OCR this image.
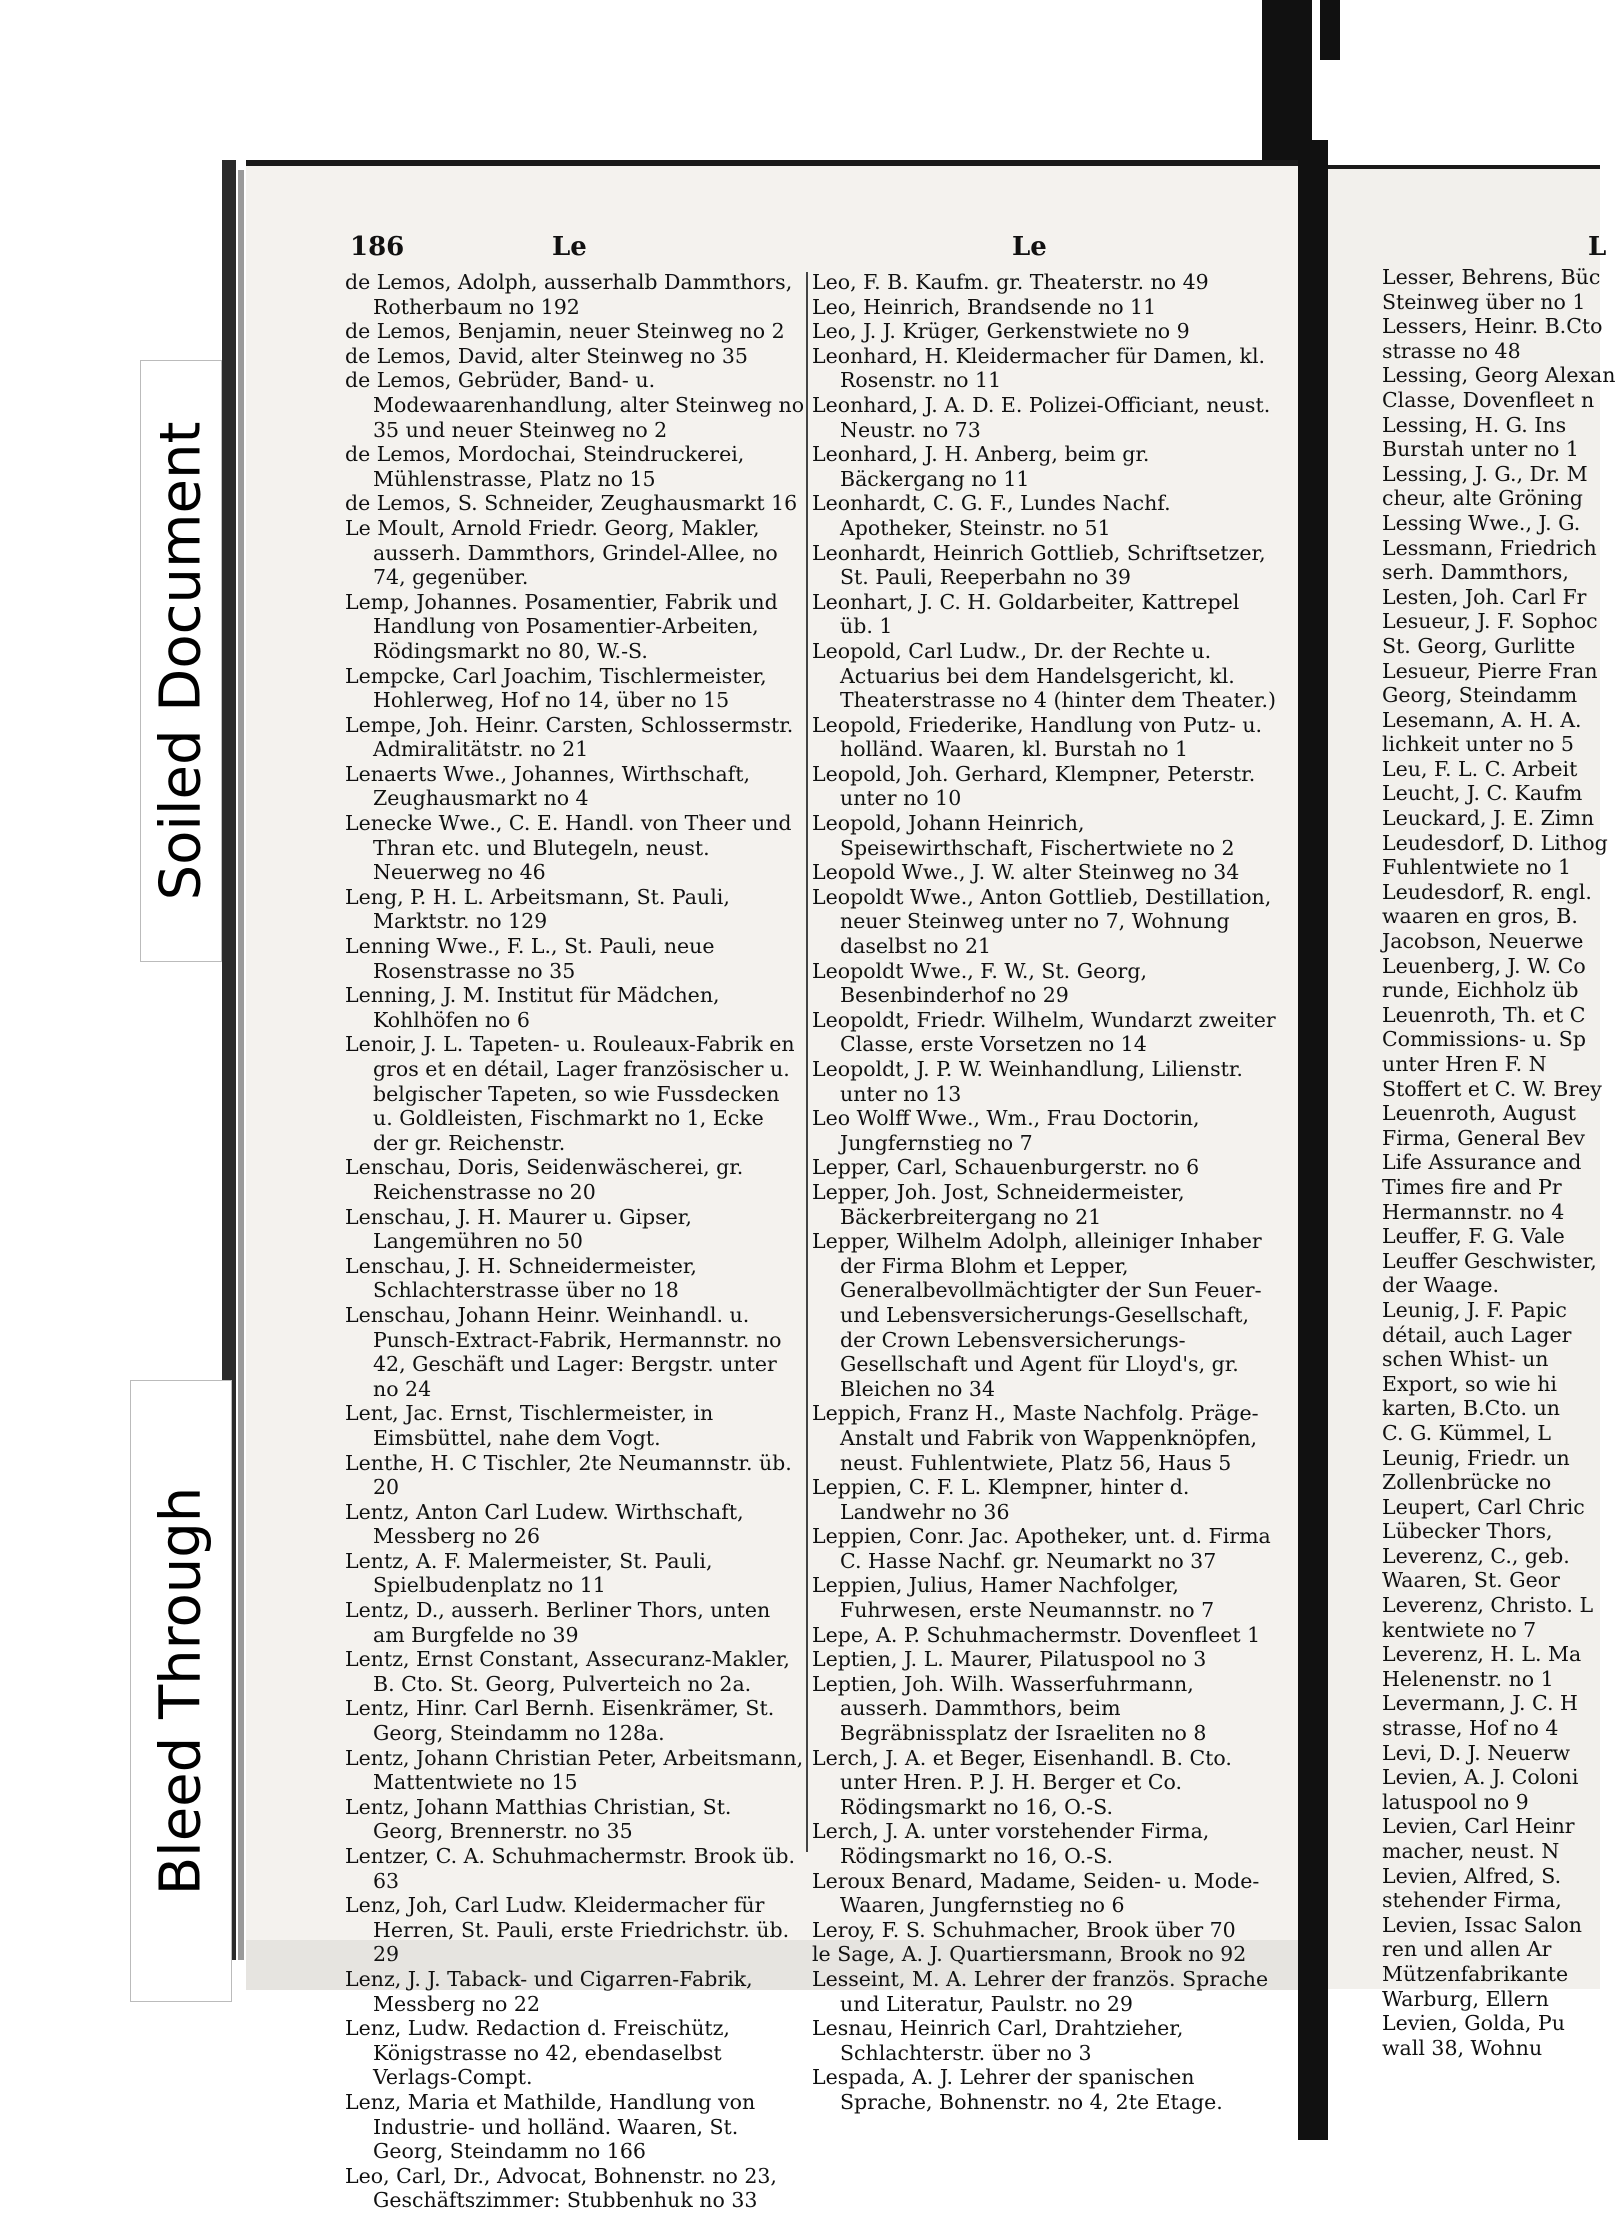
186	Le	Le	L

de Lemos, Adolph, ausserhalb Dammthors, Rotherbaum no 192

de Lemos, Benjamin, neuer Steinweg no 2

de Lemos, David, alter Steinweg no 35

de Lemos, Gebrüder, Band- u. Modewaarenhandlung, alter Steinweg no 35 und neuer Steinweg no 2

de Lemos, Mordochai, Steindruckerei, Mühlenstrasse, Platz no 15

de Lemos, S. Schneider, Zeughausmarkt 16

Le Moult, Arnold Friedr. Georg, Makler, ausserh. Dammthors, Grindel-Allee, no 74, gegenüber.

Lemp, Johannes. Posamentier, Fabrik und Handlung von Posamentier-Arbeiten, Rödingsmarkt no 80, W.-S.

Lempcke, Carl Joachim, Tischlermeister, Hohlerweg, Hof no 14, über no 15

Lempe, Joh. Heinr. Carsten, Schlossermstr. Admiralitätstr. no 21

Lenaerts Wwe., Johannes, Wirthschaft, Zeughausmarkt no 4

Lenecke Wwe., C. E. Handl. von Theer und Thran etc. und Blutegeln, neust. Neuerweg no 46

Leng, P. H. L. Arbeitsmann, St. Pauli, Marktstr. no 129

Lenning Wwe., F. L., St. Pauli, neue Rosenstrasse no 35

Lenning, J. M. Institut für Mädchen, Kohlhöfen no 6

Lenoir, J. L. Tapeten- u. Rouleaux-Fabrik en gros et en détail, Lager französischer u. belgischer Tapeten, so wie Fussdecken u. Goldleisten, Fischmarkt no 1, Ecke der gr. Reichenstr.

Lenschau, Doris, Seidenwäscherei, gr. Reichenstrasse no 20

Lenschau, J. H. Maurer u. Gipser, Langemühren no 50

Lenschau, J. H. Schneidermeister, Schlachterstrasse über no 18

Lenschau, Johann Heinr. Weinhandl. u. Punsch-Extract-Fabrik, Hermannstr. no 42, Geschäft und Lager: Bergstr. unter no 24

Lent, Jac. Ernst, Tischlermeister, in Eimsbüttel, nahe dem Vogt.

Lenthe, H. C Tischler, 2te Neumannstr. üb. 20

Lentz, Anton Carl Ludew. Wirthschaft, Messberg no 26

Lentz, A. F. Malermeister, St. Pauli, Spielbudenplatz no 11

Lentz, D., ausserh. Berliner Thors, unten am Burgfelde no 39

Lentz, Ernst Constant, Assecuranz-Makler, B. Cto. St. Georg, Pulverteich no 2a.

Lentz, Hinr. Carl Bernh. Eisenkrämer, St. Georg, Steindamm no 128a.

Lentz, Johann Christian Peter, Arbeitsmann, Mattentwiete no 15

Lentz, Johann Matthias Christian, St. Georg, Brennerstr. no 35

Lentzer, C. A. Schuhmachermstr. Brook üb. 63

Lenz, Joh, Carl Ludw. Kleidermacher für Herren, St. Pauli, erste Friedrichstr. üb. 29

Lenz, J. J. Taback- und Cigarren-Fabrik, Messberg no 22

Lenz, Ludw. Redaction d. Freischütz, Königstrasse no 42, ebendaselbst Verlags-Compt.

Lenz, Maria et Mathilde, Handlung von Industrie- und holländ. Waaren, St. Georg, Steindamm no 166

Leo, Carl, Dr., Advocat, Bohnenstr. no 23, Geschäftszimmer: Stubbenhuk no 33

Leo, F. B. Kaufm. gr. Theaterstr. no 49

Leo, Heinrich, Brandsende no 11

Leo, J. J. Krüger, Gerkenstwiete no 9

Leonhard, H. Kleidermacher für Damen, kl. Rosenstr. no 11

Leonhard, J. A. D. E. Polizei-Officiant, neust. Neustr. no 73

Leonhard, J. H. Anberg, beim gr. Bäckergang no 11

Leonhardt, C. G. F., Lundes Nachf. Apotheker, Steinstr. no 51

Leonhardt, Heinrich Gottlieb, Schriftsetzer, St. Pauli, Reeperbahn no 39

Leonhart, J. C. H. Goldarbeiter, Kattrepel üb. 1

Leopold, Carl Ludw., Dr. der Rechte u. Actuarius bei dem Handelsgericht, kl. Theaterstrasse no 4 (hinter dem Theater.)

Leopold, Friederike, Handlung von Putz- u. holländ. Waaren, kl. Burstah no 1

Leopold, Joh. Gerhard, Klempner, Peterstr. unter no 10

Leopold, Johann Heinrich, Speisewirthschaft, Fischertwiete no 2

Leopold Wwe., J. W. alter Steinweg no 34

Leopoldt Wwe., Anton Gottlieb, Destillation, neuer Steinweg unter no 7, Wohnung daselbst no 21

Leopoldt Wwe., F. W., St. Georg, Besenbinderhof no 29

Leopoldt, Friedr. Wilhelm, Wundarzt zweiter Classe, erste Vorsetzen no 14

Leopoldt, J. P. W. Weinhandlung, Lilienstr. unter no 13

Leo Wolff Wwe., Wm., Frau Doctorin, Jungfernstieg no 7

Lepper, Carl, Schauenburgerstr. no 6

Lepper, Joh. Jost, Schneidermeister, Bäckerbreitergang no 21

Lepper, Wilhelm Adolph, alleiniger Inhaber der Firma Blohm et Lepper, Generalbevollmächtigter der Sun Feuer- und Lebensversicherungs-Gesellschaft, der Crown Lebensversicherungs-Gesellschaft und Agent für Lloyd's, gr. Bleichen no 34

Leppich, Franz H., Maste Nachfolg. Präge-Anstalt und Fabrik von Wappenknöpfen, neust. Fuhlentwiete, Platz 56, Haus 5

Leppien, C. F. L. Klempner, hinter d. Landwehr no 36

Leppien, Conr. Jac. Apotheker, unt. d. Firma C. Hasse Nachf. gr. Neumarkt no 37

Leppien, Julius, Hamer Nachfolger, Fuhrwesen, erste Neumannstr. no 7

Lepe, A. P. Schuhmachermstr. Dovenfleet 1

Leptien, J. L. Maurer, Pilatuspool no 3

Leptien, Joh. Wilh. Wasserfuhrmann, ausserh. Dammthors, beim Begräbnissplatz der Israeliten no 8

Lerch, J. A. et Beger, Eisenhandl. B. Cto. unter Hren. P. J. H. Berger et Co. Rödingsmarkt no 16, O.-S.

Lerch, J. A. unter vorstehender Firma, Rödingsmarkt no 16, O.-S.

Leroux Benard, Madame, Seiden- u. Mode-Waaren, Jungfernstieg no 6

Leroy, F. S. Schuhmacher, Brook über 70

le Sage, A. J. Quartiersmann, Brook no 92

Lesseint, M. A. Lehrer der französ. Sprache und Literatur, Paulstr. no 29

Lesnau, Heinrich Carl, Drahtzieher, Schlachterstr. über no 3

Lespada, A. J. Lehrer der spanischen Sprache, Bohnenstr. no 4, 2te Etage.

Lesser, Behrens, Büc

Steinweg über no 1

Lessers, Heinr. B.Cto

strasse no 48

Lessing, Georg Alexan

Classe, Dovenfleet n

Lessing, H. G. Ins

Burstah unter no 1

Lessing, J. G., Dr. M

cheur, alte Gröning

Lessing Wwe., J. G.

Lessmann, Friedrich

serh. Dammthors,

Lesten, Joh. Carl Fr

Lesueur, J. F. Sophoc

St. Georg, Gurlitte

Lesueur, Pierre Fran

Georg, Steindamm

Lesemann, A. H. A.

lichkeit unter no 5

Leu, F. L. C. Arbeit

Leucht, J. C. Kaufm

Leuckard, J. E. Zimn

Leudesdorf, D. Lithog

Fuhlentwiete no 1

Leudesdorf, R. engl.

waaren en gros, B.

Jacobson, Neuerwe

Leuenberg, J. W. Co

runde, Eichholz üb

Leuenroth, Th. et C

Commissions- u. Sp

unter Hren F. N

Stoffert et C. W. Brey

Leuenroth, August

Firma, General Bev

Life Assurance and

Times fire and Pr

Hermannstr. no 4

Leuffer, F. G. Vale

Leuffer Geschwister,

der Waage.

Leunig, J. F. Papic

détail, auch Lager

schen Whist- un

Export, so wie hi

karten, B.Cto. un

C. G. Kümmel, L

Leunig, Friedr. un

Zollenbrücke no

Leupert, Carl Chric

Lübecker Thors,

Leverenz, C., geb.

Waaren, St. Geor

Leverenz, Christo. L

kentwiete no 7

Leverenz, H. L. Ma

Helenenstr. no 1

Levermann, J. C. H

strasse, Hof no 4

Levi, D. J. Neuerw

Levien, A. J. Coloni

latuspool no 9

Levien, Carl Heinr

macher, neust. N

Levien, Alfred, S.

stehender Firma,

Levien, Issac Salon

ren und allen Ar

Mützenfabrikante

Warburg, Ellern

Levien, Golda, Pu

wall 38, Wohnu

Soiled Document
Bleed Through
